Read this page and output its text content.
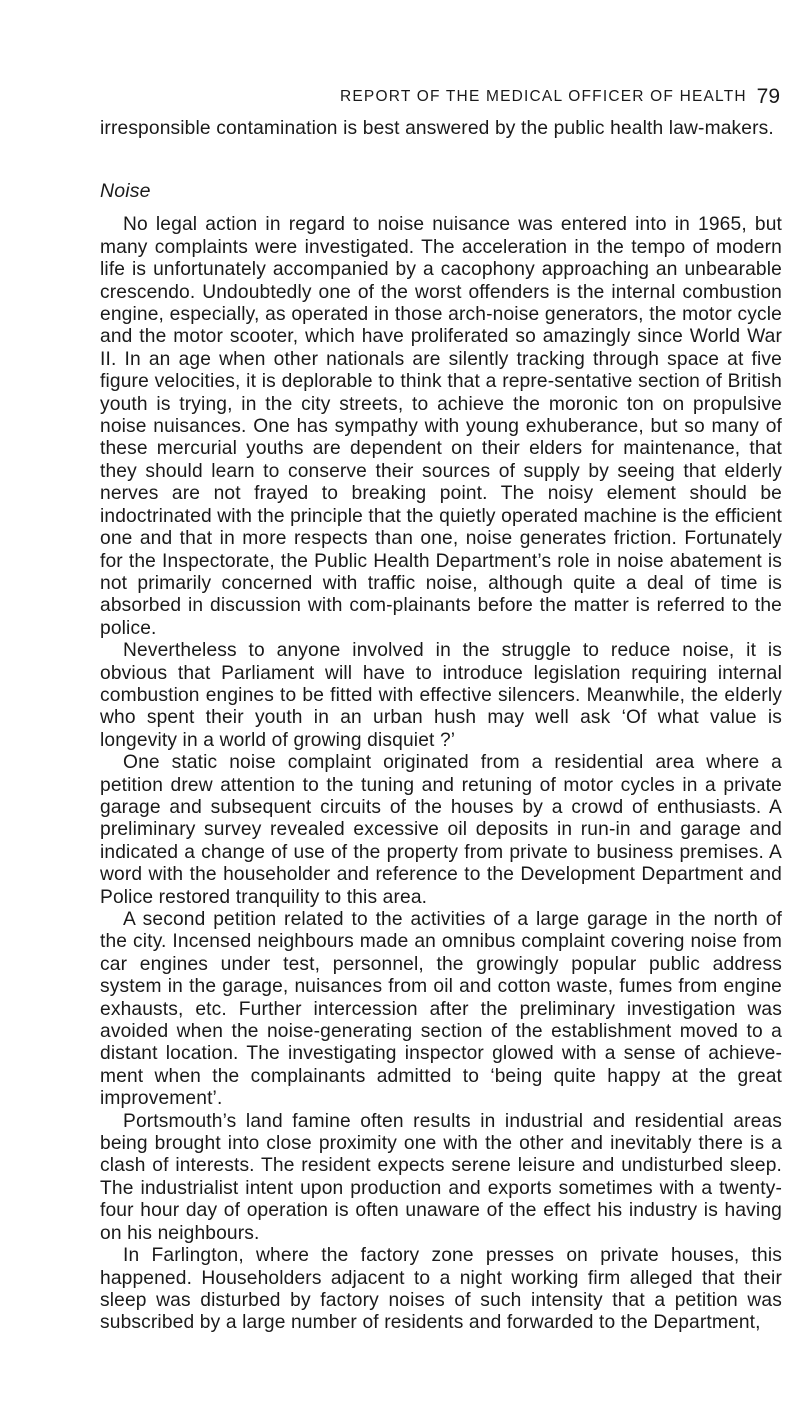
REPORT OF THE MEDICAL OFFICER OF HEALTH 79

irresponsible contamination is best answered by the public health law-makers.

Noise

No legal action in regard to noise nuisance was entered into in 1965, but many complaints were investigated. The acceleration in the tempo of modern life is unfortunately accompanied by a cacophony approaching an unbearable crescendo. Undoubtedly one of the worst offenders is the internal combustion engine, especially, as operated in those arch-noise generators, the motor cycle and the motor scooter, which have proliferated so amazingly since World War II. In an age when other nationals are silently tracking through space at five figure velocities, it is deplorable to think that a repre-sentative section of British youth is trying, in the city streets, to achieve the moronic ton on propulsive noise nuisances. One has sympathy with young exhuberance, but so many of these mercurial youths are dependent on their elders for maintenance, that they should learn to conserve their sources of supply by seeing that elderly nerves are not frayed to breaking point. The noisy element should be indoctrinated with the principle that the quietly operated machine is the efficient one and that in more respects than one, noise generates friction. Fortunately for the Inspectorate, the Public Health Department’s role in noise abatement is not primarily concerned with traffic noise, although quite a deal of time is absorbed in discussion with com-plainants before the matter is referred to the police.

Nevertheless to anyone involved in the struggle to reduce noise, it is obvious that Parliament will have to introduce legislation requiring internal combustion engines to be fitted with effective silencers. Meanwhile, the elderly who spent their youth in an urban hush may well ask ‘Of what value is longevity in a world of growing disquiet ?’

One static noise complaint originated from a residential area where a petition drew attention to the tuning and retuning of motor cycles in a private garage and subsequent circuits of the houses by a crowd of enthusiasts. A preliminary survey revealed excessive oil deposits in run-in and garage and indicated a change of use of the property from private to business premises. A word with the householder and reference to the Development Department and Police restored tranquility to this area.

A second petition related to the activities of a large garage in the north of the city. Incensed neighbours made an omnibus complaint covering noise from car engines under test, personnel, the growingly popular public address system in the garage, nuisances from oil and cotton waste, fumes from engine exhausts, etc. Further intercession after the preliminary investigation was avoided when the noise-generating section of the establishment moved to a distant location. The investigating inspector glowed with a sense of achieve-ment when the complainants admitted to ‘being quite happy at the great improvement’.

Portsmouth’s land famine often results in industrial and residential areas being brought into close proximity one with the other and inevitably there is a clash of interests. The resident expects serene leisure and undisturbed sleep. The industrialist intent upon production and exports sometimes with a twenty-four hour day of operation is often unaware of the effect his industry is having on his neighbours.

In Farlington, where the factory zone presses on private houses, this happened. Householders adjacent to a night working firm alleged that their sleep was disturbed by factory noises of such intensity that a petition was subscribed by a large number of residents and forwarded to the Department,
